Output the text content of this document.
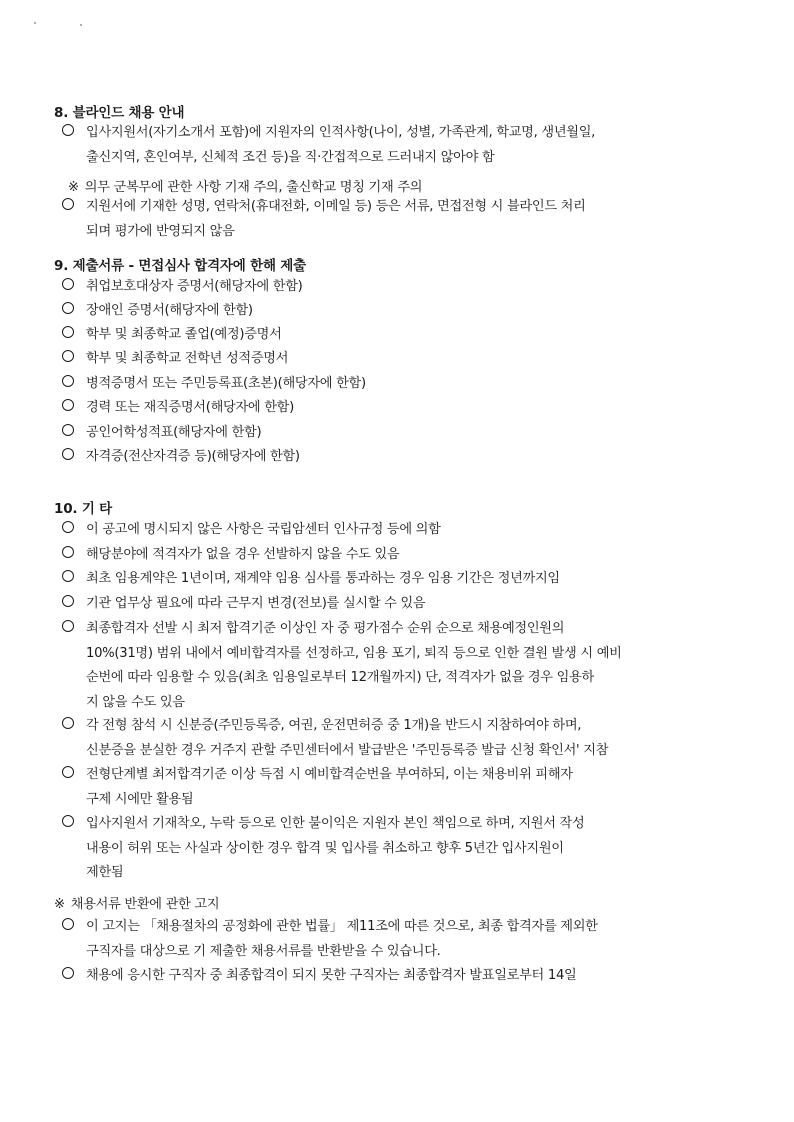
8. 블라인드 채용 안내
입사지원서(자기소개서 포함)에 지원자의 인적사항(나이, 성별, 가족관계, 학교명, 생년월일,
출신지역, 혼인여부, 신체적 조건 등)을 직·간접적으로 드러내지 않아야 함
※ 의무 군복무에 관한 사항 기재 주의, 출신학교 명칭 기재 주의
지원서에 기재한 성명, 연락처(휴대전화, 이메일 등) 등은 서류, 면접전형 시 블라인드 처리
되며 평가에 반영되지 않음
9. 제출서류 - 면접심사 합격자에 한해 제출
취업보호대상자 증명서(해당자에 한함)
장애인 증명서(해당자에 한함)
학부 및 최종학교 졸업(예정)증명서
학부 및 최종학교 전학년 성적증명서
병적증명서 또는 주민등록표(초본)(해당자에 한함)
경력 또는 재직증명서(해당자에 한함)
공인어학성적표(해당자에 한함)
자격증(전산자격증 등)(해당자에 한함)
10. 기 타
이 공고에 명시되지 않은 사항은 국립암센터 인사규정 등에 의함
해당분야에 적격자가 없을 경우 선발하지 않을 수도 있음
최초 임용계약은 1년이며, 재계약 임용 심사를 통과하는 경우 임용 기간은 정년까지임
기관 업무상 필요에 따라 근무지 변경(전보)를 실시할 수 있음
최종합격자 선발 시 최저 합격기준 이상인 자 중 평가점수 순위 순으로 채용예정인원의
10%(31명) 범위 내에서 예비합격자를 선정하고, 임용 포기, 퇴직 등으로 인한 결원 발생 시 예비
순번에 따라 임용할 수 있음(최초 임용일로부터 12개월까지) 단, 적격자가 없을 경우 임용하
지 않을 수도 있음
각 전형 참석 시 신분증(주민등록증, 여권, 운전면허증 중 1개)을 반드시 지참하여야 하며,
신분증을 분실한 경우 거주지 관할 주민센터에서 발급받은 '주민등록증 발급 신청 확인서' 지참
전형단계별 최저합격기준 이상 득점 시 예비합격순번을 부여하되, 이는 채용비위 피해자
구제 시에만 활용됨
입사지원서 기재착오, 누락 등으로 인한 불이익은 지원자 본인 책임으로 하며, 지원서 작성
내용이 허위 또는 사실과 상이한 경우 합격 및 입사를 취소하고 향후 5년간 입사지원이
제한됨
※ 채용서류 반환에 관한 고지
이 고지는 「채용절차의 공정화에 관한 법률」 제11조에 따른 것으로, 최종 합격자를 제외한
구직자를 대상으로 기 제출한 채용서류를 반환받을 수 있습니다.
채용에 응시한 구직자 중 최종합격이 되지 못한 구직자는 최종합격자 발표일로부터 14일
